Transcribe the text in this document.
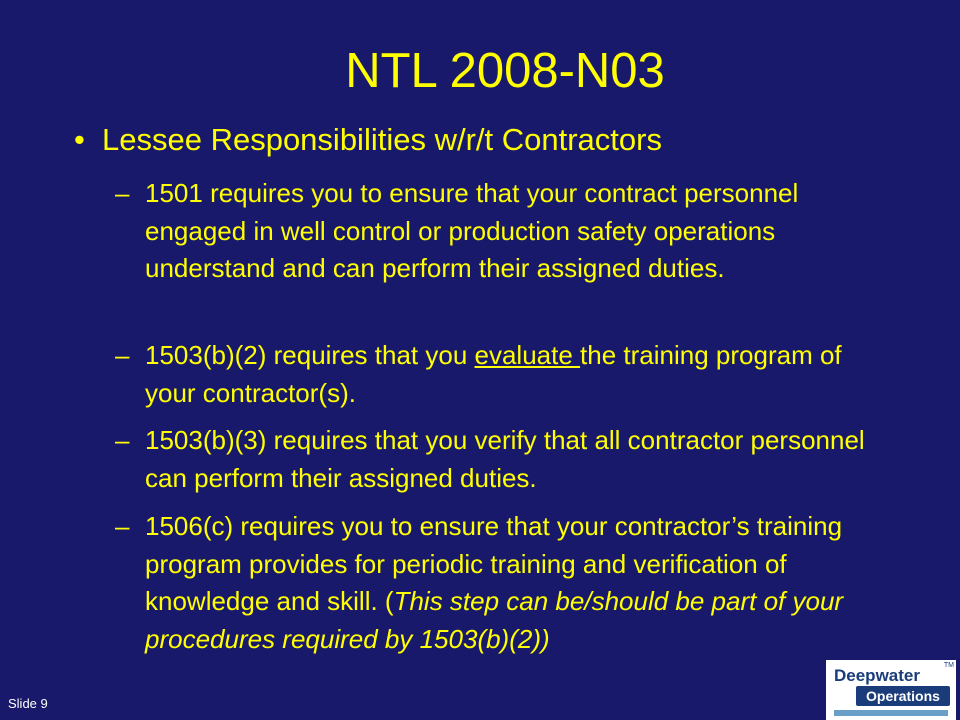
NTL 2008-N03
• Lessee Responsibilities w/r/t Contractors
– 1501 requires you to ensure that your contract personnel engaged in well control or production safety operations understand and can perform their assigned duties.
– 1503(b)(2) requires that you evaluate the training program of your contractor(s).
– 1503(b)(3) requires that you verify that all contractor personnel can perform their assigned duties.
– 1506(c) requires you to ensure that your contractor’s training program provides for periodic training and verification of knowledge and skill. (This step can be/should be part of your procedures required by 1503(b)(2))
Slide 9
TM
Deepwater
Operations
